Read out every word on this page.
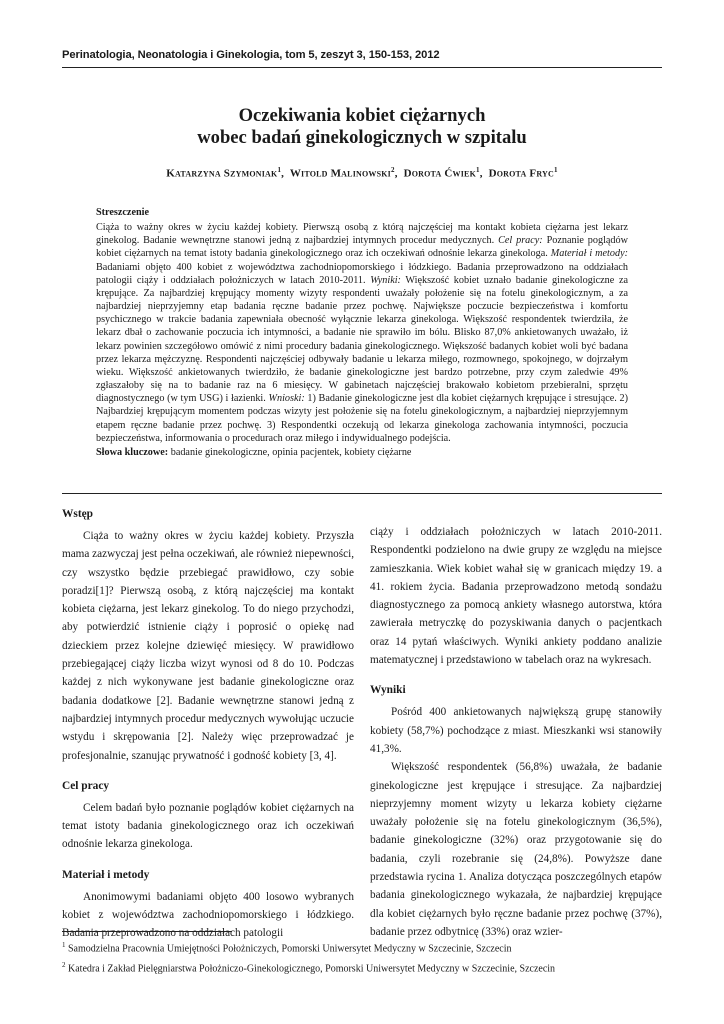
Perinatologia, Neonatologia i Ginekologia, tom 5, zeszyt 3, 150-153, 2012
Oczekiwania kobiet ciężarnych
wobec badań ginekologicznych w szpitalu
Katarzyna Szymoniak$^1$,  Witold Malinowski$^2$,  Dorota Ćwiek$^1$,  Dorota Fryc$^1$
Streszczenie

Ciąża to ważny okres w życiu każdej kobiety. Pierwszą osobą z którą najczęściej ma kontakt kobieta ciężarna jest lekarz ginekolog. Badanie wewnętrzne stanowi jedną z najbardziej intymnych procedur medycznych. Cel pracy: Poznanie poglądów kobiet ciężarnych na temat istoty badania ginekologicznego oraz ich oczekiwań odnośnie lekarza ginekologa. Materiał i metody: Badaniami objęto 400 kobiet z województwa zachodniopomorskiego i łódzkiego. Badania przeprowadzono na oddziałach patologii ciąży i oddziałach położniczych w latach 2010-2011. Wyniki: Większość kobiet uznało badanie ginekologiczne za krępujące. Za najbardziej krępujący momenty wizyty respondenti uważały położenie się na fotelu ginekologicznym, a za najbardziej nieprzyjemny etap badania ręczne badanie przez pochwę. Największe poczucie bezpieczeństwa i komfortu psychicznego w trakcie badania zapewniała obecność wyłącznie lekarza ginekologa. Większość respondentek twierdziła, że lekarz dbał o zachowanie poczucia ich intymności, a badanie nie sprawiło im bólu. Blisko 87,0% ankietowanych uważało, iż lekarz powinien szczegółowo omówić z nimi procedury badania ginekologicznego. Większość badanych kobiet woli być badana przez lekarza mężczyznę. Respondenti najczęściej odbywały badanie u lekarza miłego, rozmownego, spokojnego, w dojrzałym wieku. Większość ankietowanych twierdziło, że badanie ginekologiczne jest bardzo potrzebne, przy czym zaledwie 49% zgłaszałoby się na to badanie raz na 6 miesięcy. W gabinetach najczęściej brakowało kobietom przebieralni, sprzętu diagnostycznego (w tym USG) i łazienki. Wnioski: 1) Badanie ginekologiczne jest dla kobiet ciężarnych krępujące i stresujące. 2) Najbardziej krępującym momentem podczas wizyty jest położenie się na fotelu ginekologicznym, a najbardziej nieprzyjemnym etapem ręczne badanie przez pochwę. 3) Respondentki oczekują od lekarza ginekologa zachowania intymności, poczucia bezpieczeństwa, informowania o procedurach oraz miłego i indywidualnego podejścia.

Słowa kluczowe: badanie ginekologiczne, opinia pacjentek, kobiety ciężarne

Wstęp

Ciąża to ważny okres w życiu każdej kobiety. Przyszła mama zazwyczaj jest pełna oczekiwań, ale również niepewności, czy wszystko będzie przebiegać prawidłowo, czy sobie poradzi[1]? Pierwszą osobą, z którą najczęściej ma kontakt kobieta ciężarna, jest lekarz ginekolog. To do niego przychodzi, aby potwierdzić istnienie ciąży i poprosić o opiekę nad dzieckiem przez kolejne dziewięć miesięcy. W prawidłowo przebiegającej ciąży liczba wizyt wynosi od 8 do 10. Podczas każdej z nich wykonywane jest badanie ginekologiczne oraz badania dodatkowe [2]. Badanie wewnętrzne stanowi jedną z najbardziej intymnych procedur medycznych wywołując uczucie wstydu i skrępowania [2]. Należy więc przeprowadzać je profesjonalnie, szanując prywatność i godność kobiety [3, 4].

Cel pracy

Celem badań było poznanie poglądów kobiet ciężarnych na temat istoty badania ginekologicznego oraz ich oczekiwań odnośnie lekarza ginekologa.

Materiał i metody

Anonimowymi badaniami objęto 400 losowo wybranych kobiet z województwa zachodniopomorskiego i łódzkiego. Badania przeprowadzono na oddziałach patologii

ciąży i oddziałach położniczych w latach 2010-2011. Respondentki podzielono na dwie grupy ze względu na miejsce zamieszkania. Wiek kobiet wahał się w granicach między 19. a 41. rokiem życia. Badania przeprowadzono metodą sondażu diagnostycznego za pomocą ankiety własnego autorstwa, która zawierała metryczkę do pozyskiwania danych o pacjentkach oraz 14 pytań właściwych. Wyniki ankiety poddano analizie matematycznej i przedstawiono w tabelach oraz na wykresach.

Wyniki

Pośród 400 ankietowanych największą grupę stanowiły kobiety (58,7%) pochodzące z miast. Mieszkanki wsi stanowiły 41,3%.

Większość respondentek (56,8%) uważała, że badanie ginekologiczne jest krępujące i stresujące. Za najbardziej nieprzyjemny moment wizyty u lekarza kobiety ciężarne uważały położenie się na fotelu ginekologicznym (36,5%), badanie ginekologiczne (32%) oraz przygotowanie się do badania, czyli rozebranie się (24,8%). Powyższe dane przedstawia rycina 1. Analiza dotycząca poszczególnych etapów badania ginekologicznego wykazała, że najbardziej krępujące dla kobiet ciężarnych było ręczne badanie przez pochwę (37%), badanie przez odbytnicę (33%) oraz wzier-

$^1$ Samodzielna Pracownia Umiejętności Położniczych, Pomorski Uniwersytet Medyczny w Szczecinie, Szczecin
$^2$ Katedra i Zakład Pielęgniarstwa Położniczo-Ginekologicznego, Pomorski Uniwersytet Medyczny w Szczecinie, Szczecin
